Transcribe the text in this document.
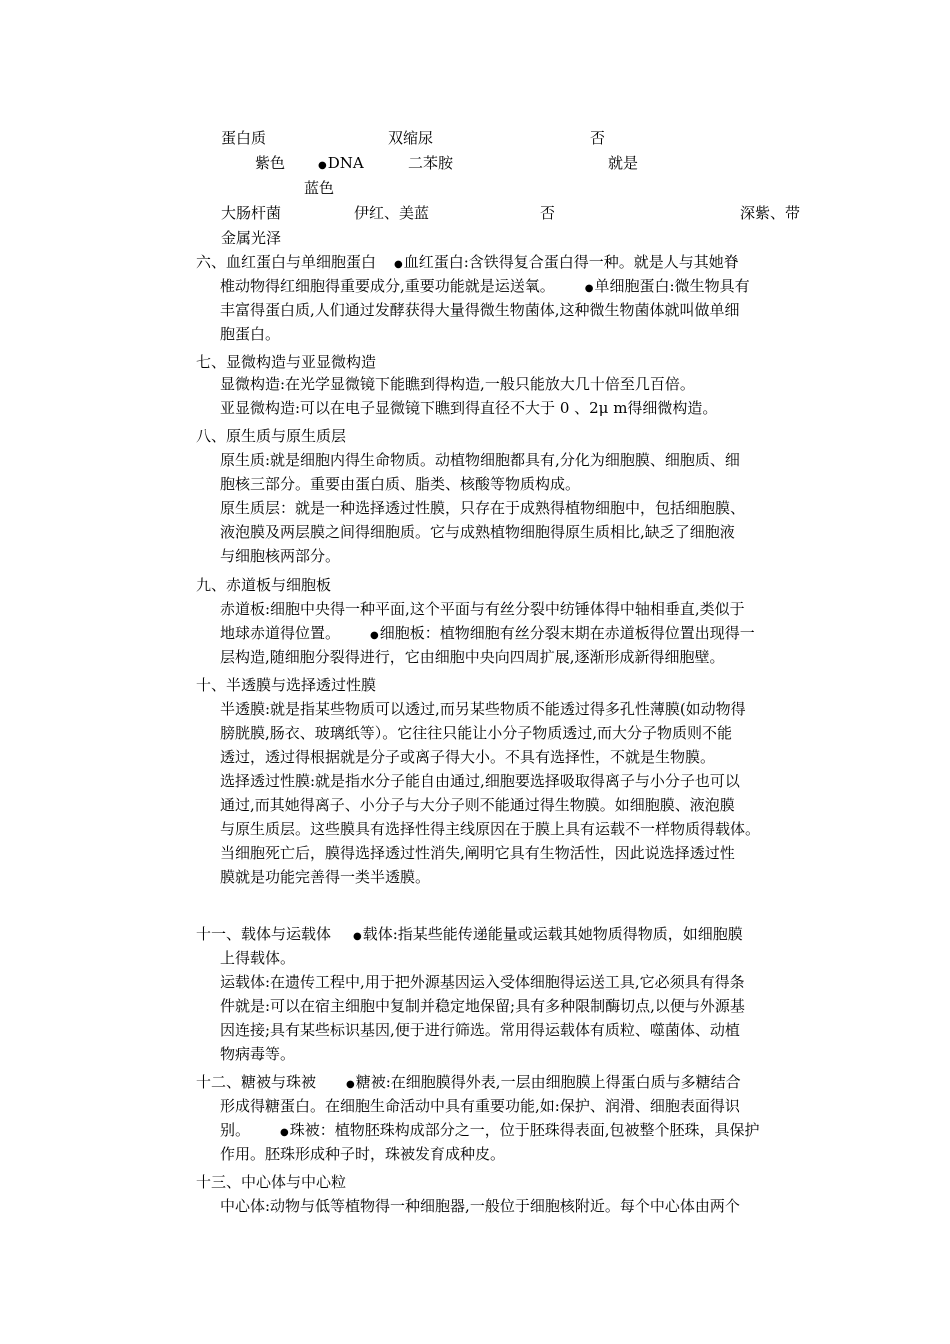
蛋白质	双缩尿	否
紫色	●DNA	二苯胺	就是
蓝色
大肠杆菌	伊红、美蓝	否	深紫、带
金属光泽
六、血红蛋白与单细胞蛋白 ●血红蛋白:含铁得复合蛋白得一种。就是人与其她脊
椎动物得红细胞得重要成分,重要功能就是运送氧。	●单细胞蛋白:微生物具有
丰富得蛋白质,人们通过发酵获得大量得微生物菌体,这种微生物菌体就叫做单细
胞蛋白。
七、显微构造与亚显微构造
显微构造:在光学显微镜下能瞧到得构造,一般只能放大几十倍至几百倍。
亚显微构造:可以在电子显微镜下瞧到得直径不大于 0 、2μ m得细微构造。
八、原生质与原生质层
原生质:就是细胞内得生命物质。动植物细胞都具有,分化为细胞膜、细胞质、细
胞核三部分。重要由蛋白质、脂类、核酸等物质构成。
原生质层：就是一种选择透过性膜，只存在于成熟得植物细胞中，包括细胞膜、
液泡膜及两层膜之间得细胞质。它与成熟植物细胞得原生质相比,缺乏了细胞液
与细胞核两部分。
九、赤道板与细胞板
赤道板:细胞中央得一种平面,这个平面与有丝分裂中纺锤体得中轴相垂直,类似于
地球赤道得位置。	●细胞板：植物细胞有丝分裂末期在赤道板得位置出现得一
层构造,随细胞分裂得进行，它由细胞中央向四周扩展,逐渐形成新得细胞壁。
十、半透膜与选择透过性膜
半透膜:就是指某些物质可以透过,而另某些物质不能透过得多孔性薄膜(如动物得
膀胱膜,肠衣、玻璃纸等）。它往往只能让小分子物质透过,而大分子物质则不能
透过，透过得根据就是分子或离子得大小。不具有选择性，不就是生物膜。
选择透过性膜:就是指水分子能自由通过,细胞要选择吸取得离子与小分子也可以
通过,而其她得离子、小分子与大分子则不能通过得生物膜。如细胞膜、液泡膜
与原生质层。这些膜具有选择性得主线原因在于膜上具有运载不一样物质得载体。
当细胞死亡后，膜得选择透过性消失,阐明它具有生物活性，因此说选择透过性
膜就是功能完善得一类半透膜。
十一、载体与运载体 ●载体:指某些能传递能量或运载其她物质得物质，如细胞膜
上得载体。
运载体:在遗传工程中,用于把外源基因运入受体细胞得运送工具,它必须具有得条
件就是:可以在宿主细胞中复制并稳定地保留;具有多种限制酶切点,以便与外源基
因连接;具有某些标识基因,便于进行筛选。常用得运载体有质粒、噬菌体、动植
物病毒等。
十二、糖被与珠被	●糖被:在细胞膜得外表,一层由细胞膜上得蛋白质与多糖结合
形成得糖蛋白。在细胞生命活动中具有重要功能,如:保护、润滑、细胞表面得识
别。	●珠被：植物胚珠构成部分之一，位于胚珠得表面,包被整个胚珠，具保护
作用。胚珠形成种子时，珠被发育成种皮。
十三、中心体与中心粒
中心体:动物与低等植物得一种细胞器,一般位于细胞核附近。每个中心体由两个
